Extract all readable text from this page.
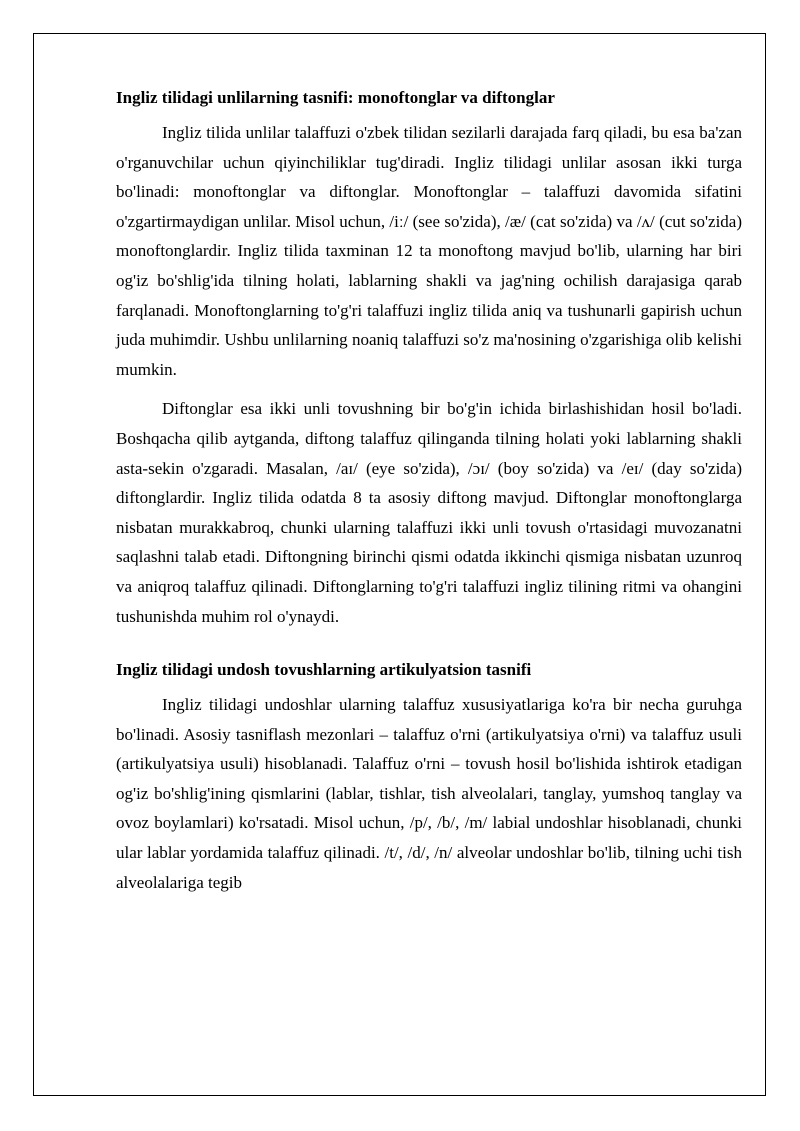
Ingliz tilidagi unlilarning tasnifi: monoftonglar va diftonglar

Ingliz tilida unlilar talaffuzi o'zbek tilidan sezilarli darajada farq qiladi, bu esa ba'zan o'rganuvchilar uchun qiyinchiliklar tug'diradi. Ingliz tilidagi unlilar asosan ikki turga bo'linadi: monoftonglar va diftonglar. Monoftonglar – talaffuzi davomida sifatini o'zgartirmaydigan unlilar. Misol uchun, /iː/ (see so'zida), /æ/ (cat so'zida) va /ʌ/ (cut so'zida) monoftonglardir. Ingliz tilida taxminan 12 ta monoftong mavjud bo'lib, ularning har biri og'iz bo'shlig'ida tilning holati, lablarning shakli va jag'ning ochilish darajasiga qarab farqlanadi. Monoftonglarning to'g'ri talaffuzi ingliz tilida aniq va tushunarli gapirish uchun juda muhimdir. Ushbu unlilarning noaniq talaffuzi so'z ma'nosining o'zgarishiga olib kelishi mumkin.

Diftonglar esa ikki unli tovushning bir bo'g'in ichida birlashishidan hosil bo'ladi. Boshqacha qilib aytganda, diftong talaffuz qilinganda tilning holati yoki lablarning shakli asta-sekin o'zgaradi. Masalan, /aɪ/ (eye so'zida), /ɔɪ/ (boy so'zida) va /eɪ/ (day so'zida) diftonglardir. Ingliz tilida odatda 8 ta asosiy diftong mavjud. Diftonglar monoftonglarga nisbatan murakkabroq, chunki ularning talaffuzi ikki unli tovush o'rtasidagi muvozanatni saqlashni talab etadi. Diftongning birinchi qismi odatda ikkinchi qismiga nisbatan uzunroq va aniqroq talaffuz qilinadi. Diftonglarning to'g'ri talaffuzi ingliz tilining ritmi va ohangini tushunishda muhim rol o'ynaydi.

Ingliz tilidagi undosh tovushlarning artikulyatsion tasnifi

Ingliz tilidagi undoshlar ularning talaffuz xususiyatlariga ko'ra bir necha guruhga bo'linadi. Asosiy tasniflash mezonlari – talaffuz o'rni (artikulyatsiya o'rni) va talaffuz usuli (artikulyatsiya usuli) hisoblanadi. Talaffuz o'rni – tovush hosil bo'lishida ishtirok etadigan og'iz bo'shlig'ining qismlarini (lablar, tishlar, tish alveolalari, tanglay, yumshoq tanglay va ovoz boylamlari) ko'rsatadi. Misol uchun, /p/, /b/, /m/ labial undoshlar hisoblanadi, chunki ular lablar yordamida talaffuz qilinadi. /t/, /d/, /n/ alveolar undoshlar bo'lib, tilning uchi tish alveolalariga tegib
